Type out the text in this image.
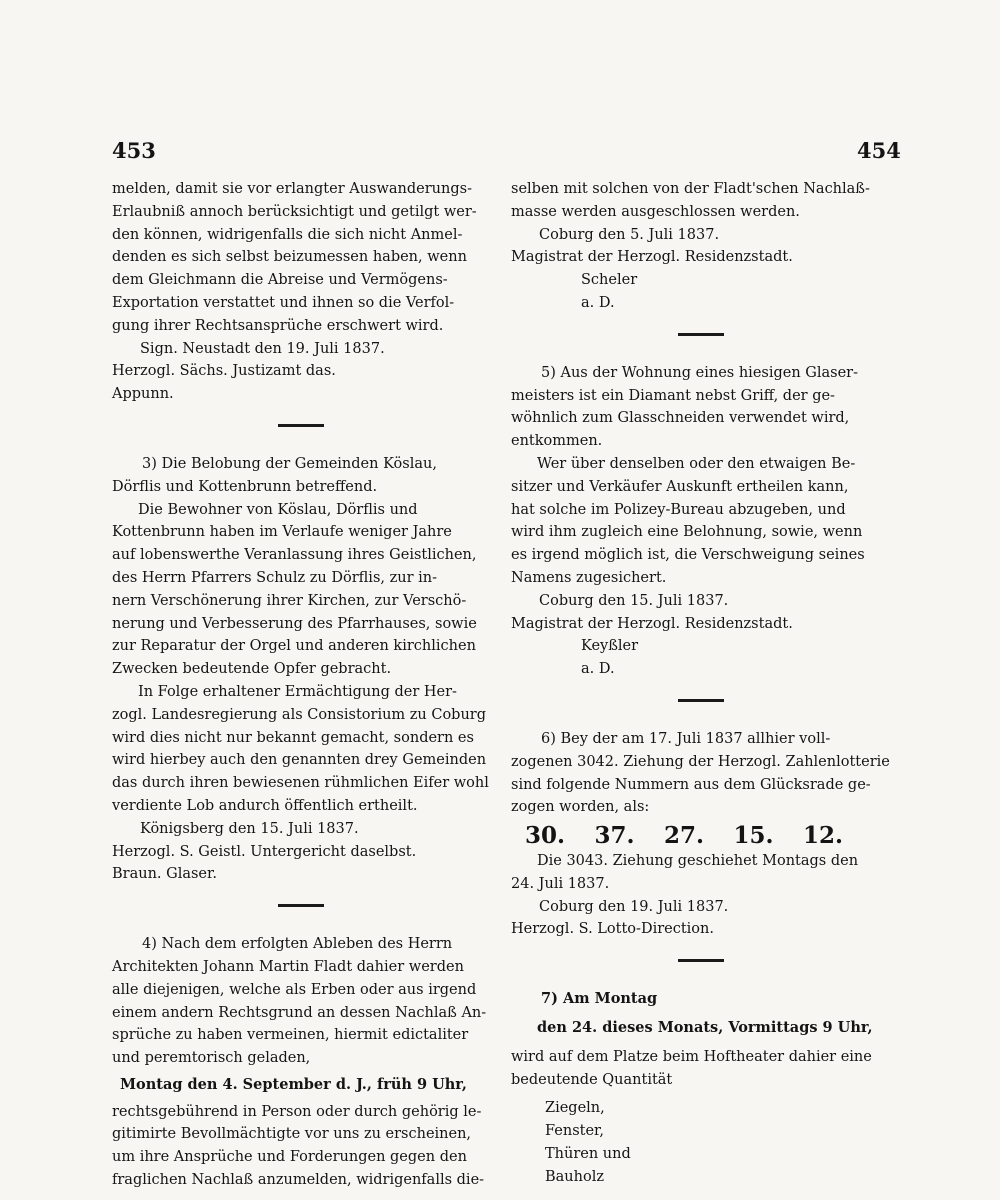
453	454

melden, damit sie vor erlangter Auswanderungs-

Erlaubniß annoch berücksichtigt und getilgt wer-

den können, widrigenfalls die sich nicht Anmel-

denden es sich selbst beizumessen haben, wenn

dem Gleichmann die Abreise und Vermögens-

Exportation verstattet und ihnen so die Verfol-

gung ihrer Rechtsansprüche erschwert wird.

Sign. Neustadt den 19. Juli 1837.

Herzogl. Sächs. Justizamt das.

Appunn.

3) Die Belobung der Gemeinden Köslau,

Dörflis und Kottenbrunn betreffend.

Die Bewohner von Köslau, Dörflis und

Kottenbrunn haben im Verlaufe weniger Jahre

auf lobenswerthe Veranlassung ihres Geistlichen,

des Herrn Pfarrers Schulz zu Dörflis, zur in-

nern Verschönerung ihrer Kirchen, zur Verschö-

nerung und Verbesserung des Pfarrhauses, sowie

zur Reparatur der Orgel und anderen kirchlichen

Zwecken bedeutende Opfer gebracht.

In Folge erhaltener Ermächtigung der Her-

zogl. Landesregierung als Consistorium zu Coburg

wird dies nicht nur bekannt gemacht, sondern es

wird hierbey auch den genannten drey Gemeinden

das durch ihren bewiesenen rühmlichen Eifer wohl

verdiente Lob andurch öffentlich ertheilt.

Königsberg den 15. Juli 1837.

Herzogl. S. Geistl. Untergericht daselbst.

Braun. Glaser.

4) Nach dem erfolgten Ableben des Herrn

Architekten Johann Martin Fladt dahier werden

alle diejenigen, welche als Erben oder aus irgend

einem andern Rechtsgrund an dessen Nachlaß An-

sprüche zu haben vermeinen, hiermit edictaliter

und peremtorisch geladen,

Montag den 4. September d. J., früh 9 Uhr,

rechtsgebührend in Person oder durch gehörig le-

gitimirte Bevollmächtigte vor uns zu erscheinen,

um ihre Ansprüche und Forderungen gegen den

fraglichen Nachlaß anzumelden, widrigenfalls die-

selben mit solchen von der Fladt'schen Nachlaß-

masse werden ausgeschlossen werden.

Coburg den 5. Juli 1837.

Magistrat der Herzogl. Residenzstadt.

Scheler

a. D.

5) Aus der Wohnung eines hiesigen Glaser-

meisters ist ein Diamant nebst Griff, der ge-

wöhnlich zum Glasschneiden verwendet wird,

entkommen.

Wer über denselben oder den etwaigen Be-

sitzer und Verkäufer Auskunft ertheilen kann,

hat solche im Polizey-Bureau abzugeben, und

wird ihm zugleich eine Belohnung, sowie, wenn

es irgend möglich ist, die Verschweigung seines

Namens zugesichert.

Coburg den 15. Juli 1837.

Magistrat der Herzogl. Residenzstadt.

Keyßler

a. D.

6) Bey der am 17. Juli 1837 allhier voll-

zogenen 3042. Ziehung der Herzogl. Zahlenlotterie

sind folgende Nummern aus dem Glücksrade ge-

zogen worden, als:

30. 37. 27. 15. 12.

Die 3043. Ziehung geschiehet Montags den

24. Juli 1837.

Coburg den 19. Juli 1837.

Herzogl. S. Lotto-Direction.

7) Am Montag

den 24. dieses Monats, Vormittags 9 Uhr,

wird auf dem Platze beim Hoftheater dahier eine

bedeutende Quantität

Ziegeln,
Fenster,
Thüren und
Bauholz
